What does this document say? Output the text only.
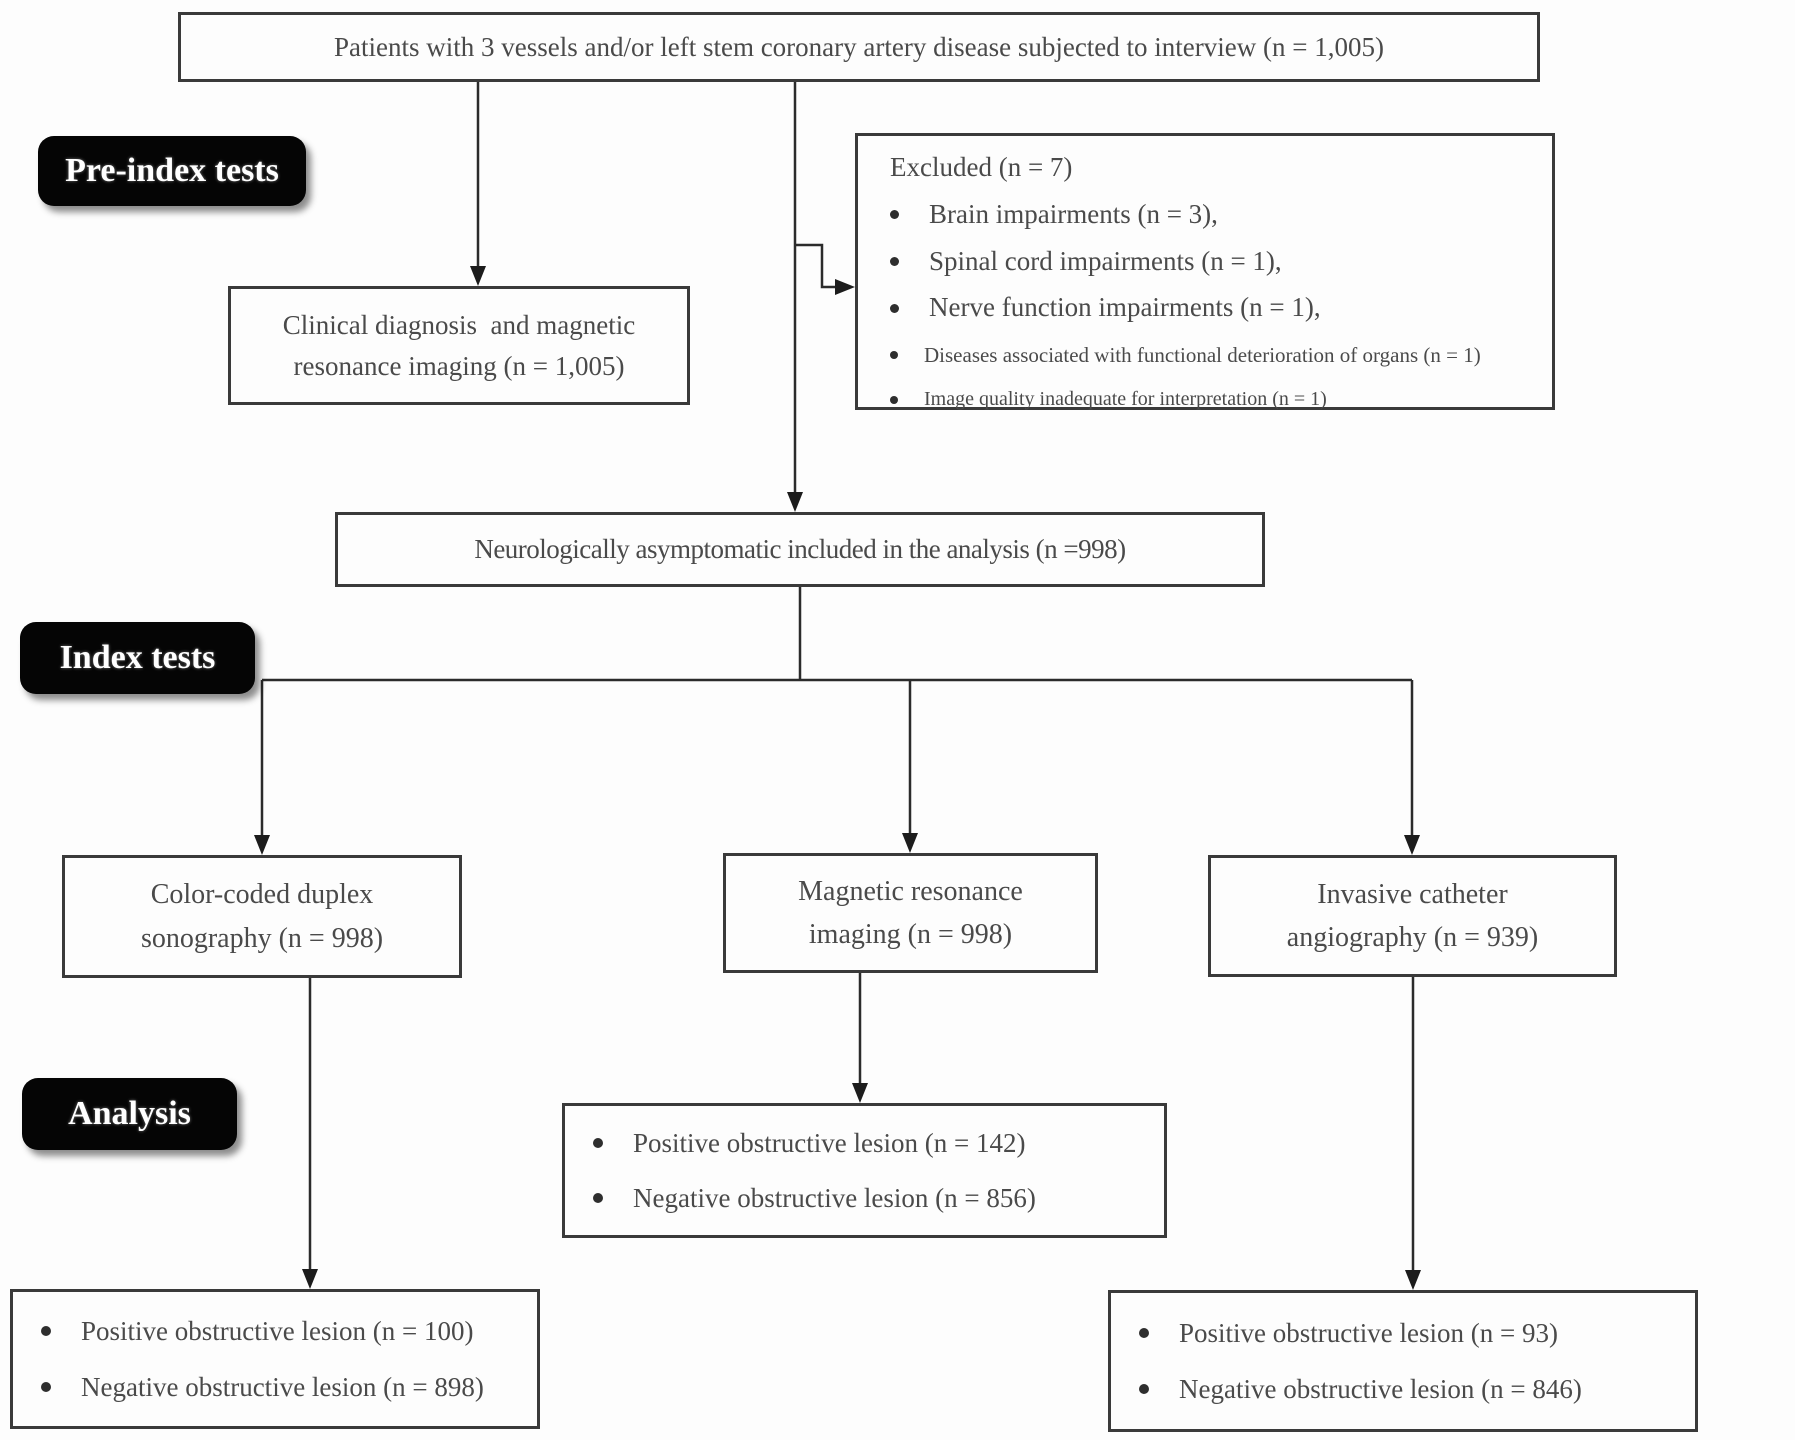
Patients with 3 vessels and/or left stem coronary artery disease subjected to interview (n = 1,005)
Pre-index tests
Clinical diagnosis  and magnetic
resonance imaging (n = 1,005)
Excluded (n = 7)
Brain impairments (n = 3),
Spinal cord impairments (n = 1),
Nerve function impairments (n = 1),
Diseases associated with functional deterioration of organs (n = 1)
Image quality inadequate for interpretation (n = 1)
Neurologically asymptomatic included in the analysis (n =998)
Index tests
Color-coded duplex
sonography (n = 998)
Magnetic resonance
imaging (n = 998)
Invasive catheter
angiography (n = 939)
Analysis
Positive obstructive lesion (n = 142)
Negative obstructive lesion (n = 856)
Positive obstructive lesion (n = 100)
Negative obstructive lesion (n = 898)
Positive obstructive lesion (n = 93)
Negative obstructive lesion (n = 846)
